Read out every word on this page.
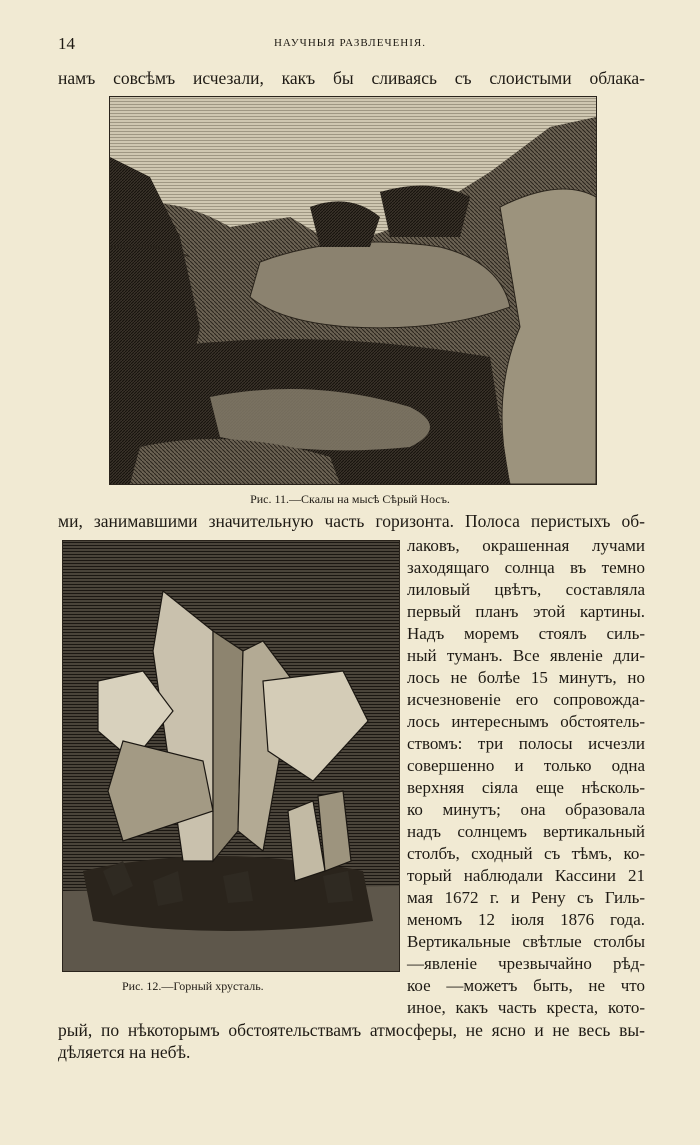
14	НАУЧНЫЯ РАЗВЛЕЧЕНІЯ.
намъ совсѣмъ исчезали, какъ бы сливаясь съ слоистыми облака-
Рис. 11.—Скалы на мысѣ Сѣрый Носъ.
ми, занимавшими значительную часть горизонта. Полоса перистыхъ об-
Рис. 12.—Горный хрусталь.
лаковъ, окрашенная лучами
заходящаго солнца въ темно
лиловый цвѣтъ, составляла
первый планъ этой картины.
Надъ моремъ стоялъ силь-
ный туманъ. Все явленіе дли-
лось не болѣе 15 минутъ, но
исчезновеніе его сопровожда-
лось интереснымъ обстоятель-
ствомъ: три полосы исчезли
совершенно и только одна
верхняя сіяла еще нѣсколь-
ко минутъ; она образовала
надъ солнцемъ вертикальный
столбъ, сходный съ тѣмъ, ко-
торый наблюдали Кассини 21
мая 1672 г. и Рену съ Гиль-
меномъ 12 іюля 1876 года.
Вертикальные свѣтлые столбы
—явленіе чрезвычайно рѣд-
кое —можетъ быть, не что
иное, какъ часть креста, кото-
рый, по нѣкоторымъ обстоятельствамъ атмосферы, не ясно и не весь вы-
дѣляется на небѣ.
